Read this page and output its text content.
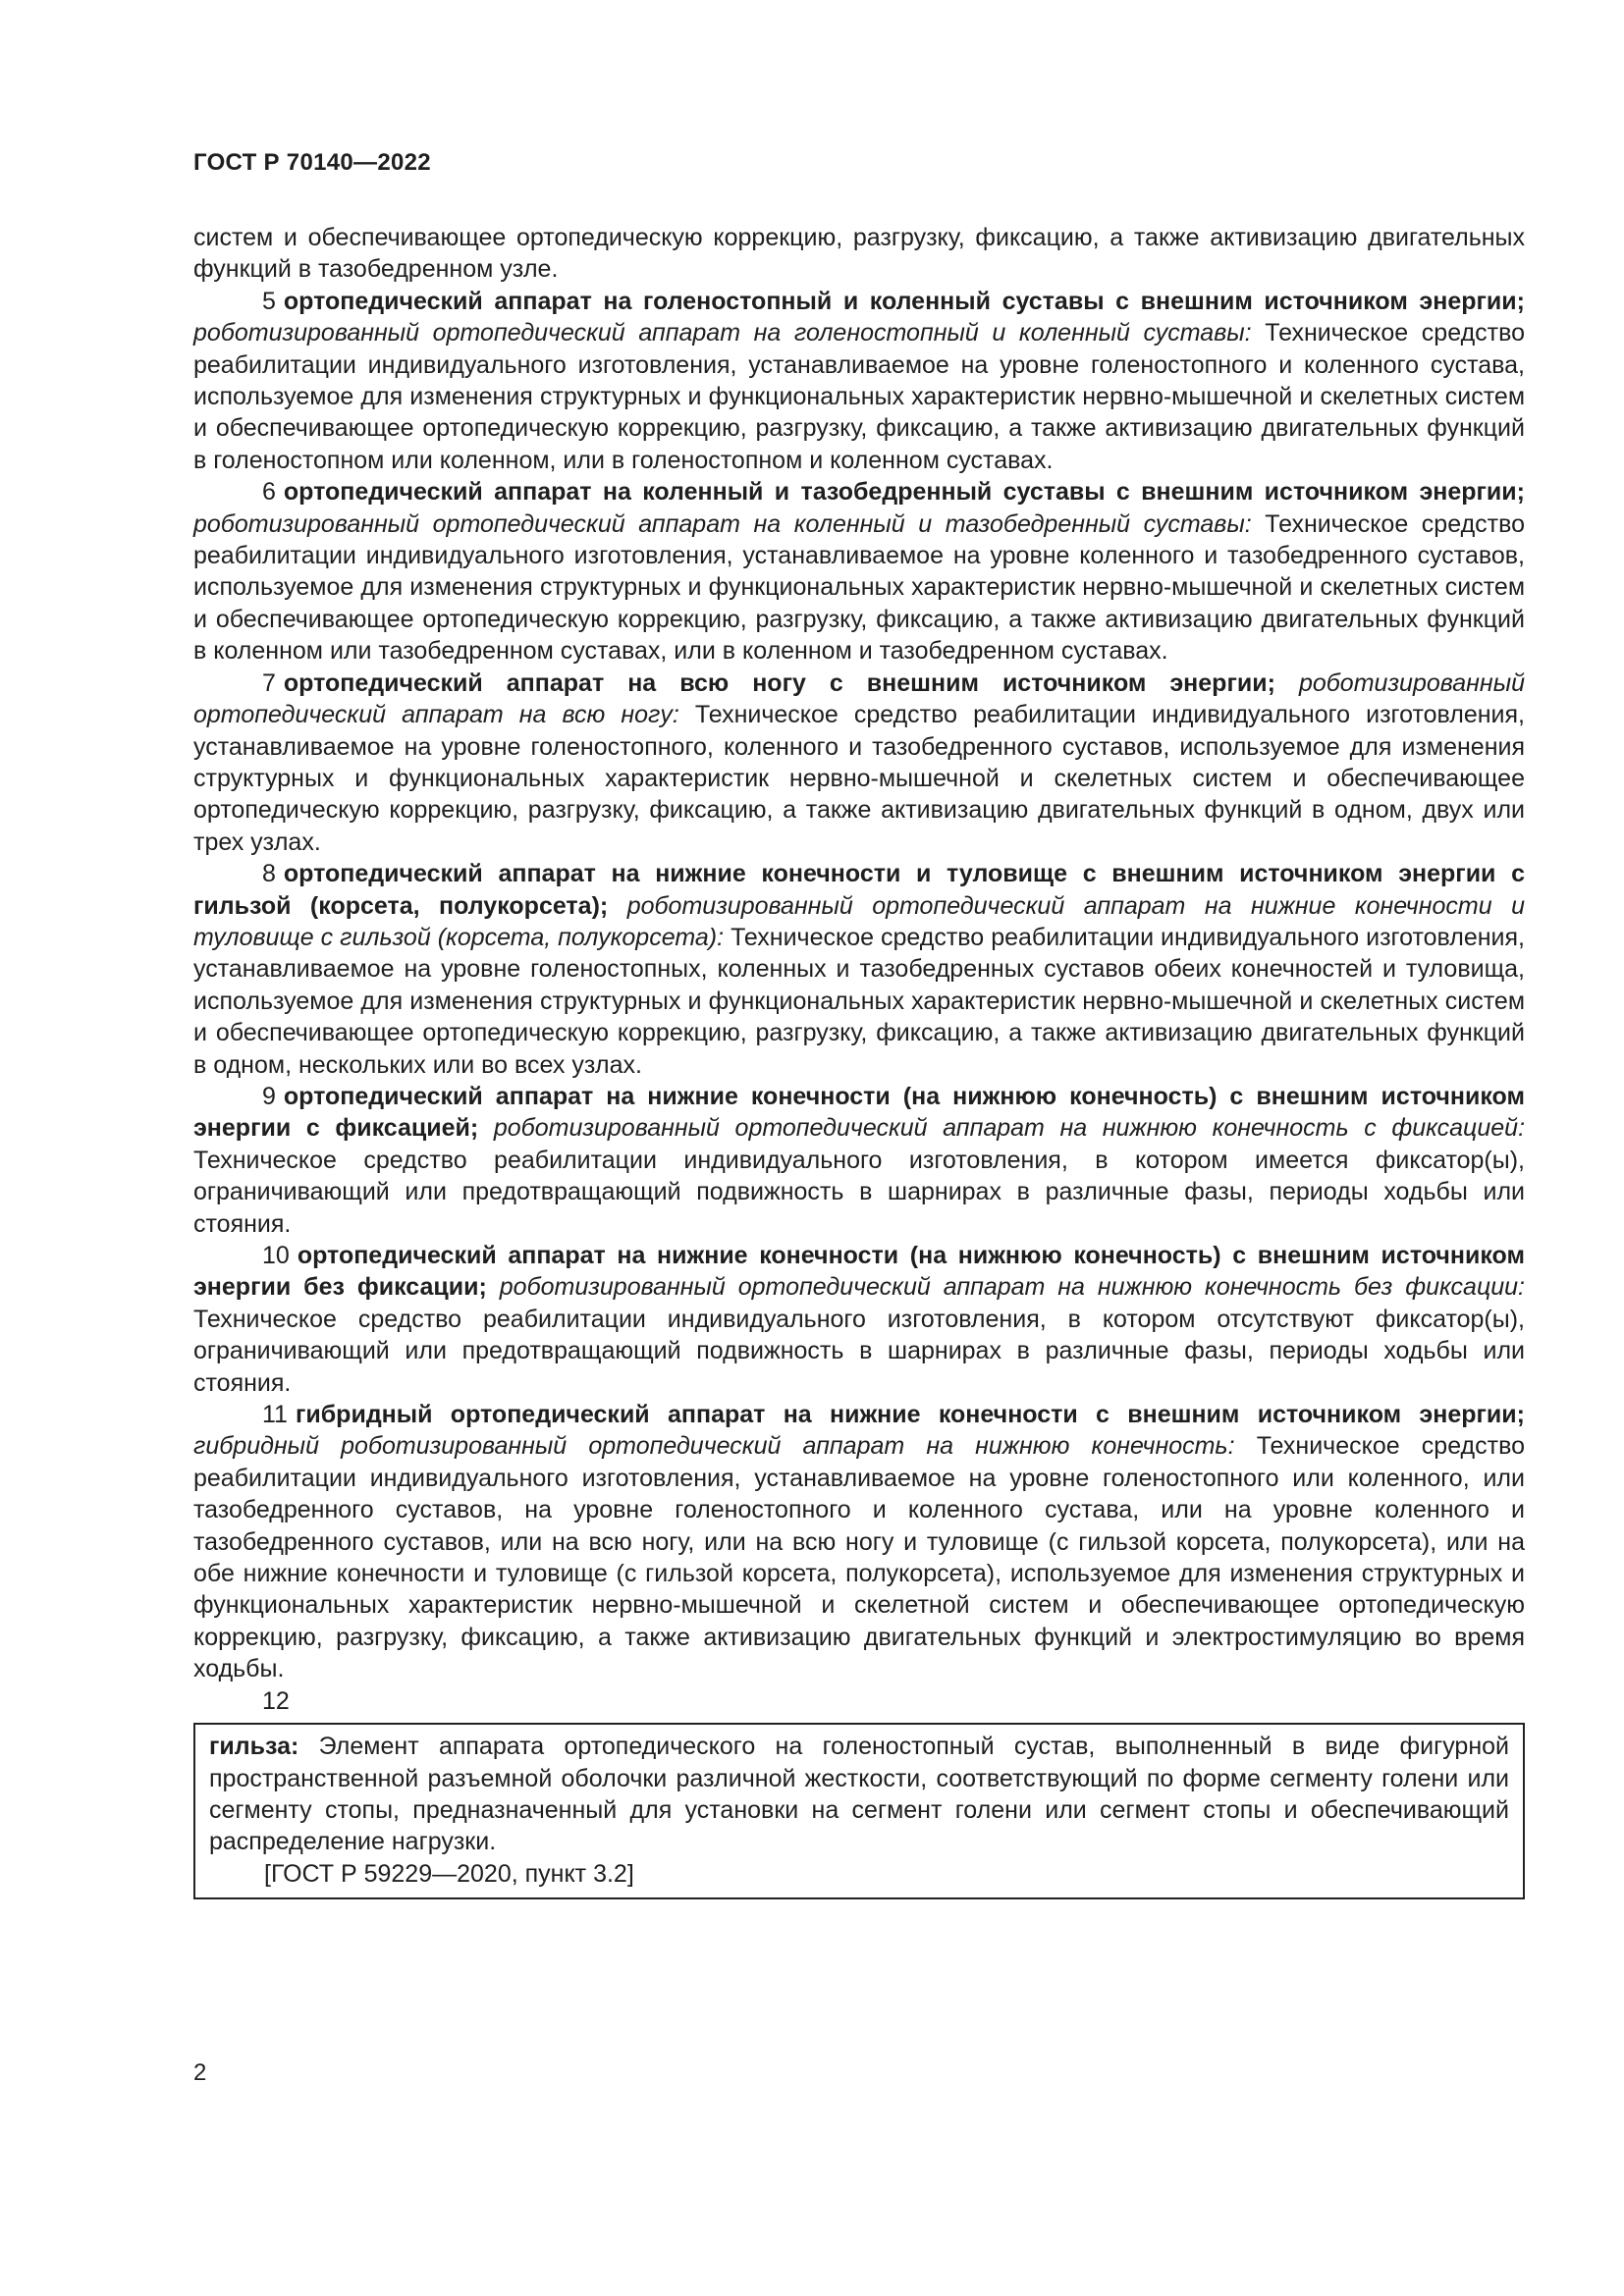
ГОСТ Р 70140—2022

систем и обеспечивающее ортопедическую коррекцию, разгрузку, фиксацию, а также активизацию двигательных функций в тазобедренном узле.

5 ортопедический аппарат на голеностопный и коленный суставы с внешним источником энергии; роботизированный ортопедический аппарат на голеностопный и коленный суставы: Техническое средство реабилитации индивидуального изготовления, устанавливаемое на уровне голеностопного и коленного сустава, используемое для изменения структурных и функциональных характеристик нервно-мышечной и скелетных систем и обеспечивающее ортопедическую коррекцию, разгрузку, фиксацию, а также активизацию двигательных функций в голеностопном или коленном, или в голеностопном и коленном суставах.

6 ортопедический аппарат на коленный и тазобедренный суставы с внешним источником энергии; роботизированный ортопедический аппарат на коленный и тазобедренный суставы: Техническое средство реабилитации индивидуального изготовления, устанавливаемое на уровне коленного и тазобедренного суставов, используемое для изменения структурных и функциональных характеристик нервно-мышечной и скелетных систем и обеспечивающее ортопедическую коррекцию, разгрузку, фиксацию, а также активизацию двигательных функций в коленном или тазобедренном суставах, или в коленном и тазобедренном суставах.

7 ортопедический аппарат на всю ногу с внешним источником энергии; роботизированный ортопедический аппарат на всю ногу: Техническое средство реабилитации индивидуального изготовления, устанавливаемое на уровне голеностопного, коленного и тазобедренного суставов, используемое для изменения структурных и функциональных характеристик нервно-мышечной и скелетных систем и обеспечивающее ортопедическую коррекцию, разгрузку, фиксацию, а также активизацию двигательных функций в одном, двух или трех узлах.

8 ортопедический аппарат на нижние конечности и туловище с внешним источником энергии с гильзой (корсета, полукорсета); роботизированный ортопедический аппарат на нижние конечности и туловище с гильзой (корсета, полукорсета): Техническое средство реабилитации индивидуального изготовления, устанавливаемое на уровне голеностопных, коленных и тазобедренных суставов обеих конечностей и туловища, используемое для изменения структурных и функциональных характеристик нервно-мышечной и скелетных систем и обеспечивающее ортопедическую коррекцию, разгрузку, фиксацию, а также активизацию двигательных функций в одном, нескольких или во всех узлах.

9 ортопедический аппарат на нижние конечности (на нижнюю конечность) с внешним источником энергии с фиксацией; роботизированный ортопедический аппарат на нижнюю конечность с фиксацией: Техническое средство реабилитации индивидуального изготовления, в котором имеется фиксатор(ы), ограничивающий или предотвращающий подвижность в шарнирах в различные фазы, периоды ходьбы или стояния.

10 ортопедический аппарат на нижние конечности (на нижнюю конечность) с внешним источником энергии без фиксации; роботизированный ортопедический аппарат на нижнюю конечность без фиксации: Техническое средство реабилитации индивидуального изготовления, в котором отсутствуют фиксатор(ы), ограничивающий или предотвращающий подвижность в шарнирах в различные фазы, периоды ходьбы или стояния.

11 гибридный ортопедический аппарат на нижние конечности с внешним источником энергии; гибридный роботизированный ортопедический аппарат на нижнюю конечность: Техническое средство реабилитации индивидуального изготовления, устанавливаемое на уровне голеностопного или коленного, или тазобедренного суставов, на уровне голеностопного и коленного сустава, или на уровне коленного и тазобедренного суставов, или на всю ногу, или на всю ногу и туловище (с гильзой корсета, полукорсета), или на обе нижние конечности и туловище (с гильзой корсета, полукорсета), используемое для изменения структурных и функциональных характеристик нервно-мышечной и скелетной систем и обеспечивающее ортопедическую коррекцию, разгрузку, фиксацию, а также активизацию двигательных функций и электростимуляцию во время ходьбы.

12

гильза: Элемент аппарата ортопедического на голеностопный сустав, выполненный в виде фигурной пространственной разъемной оболочки различной жесткости, соответствующий по форме сегменту голени или сегменту стопы, предназначенный для установки на сегмент голени или сегмент стопы и обеспечивающий распределение нагрузки.

[ГОСТ Р 59229—2020, пункт 3.2]

2
